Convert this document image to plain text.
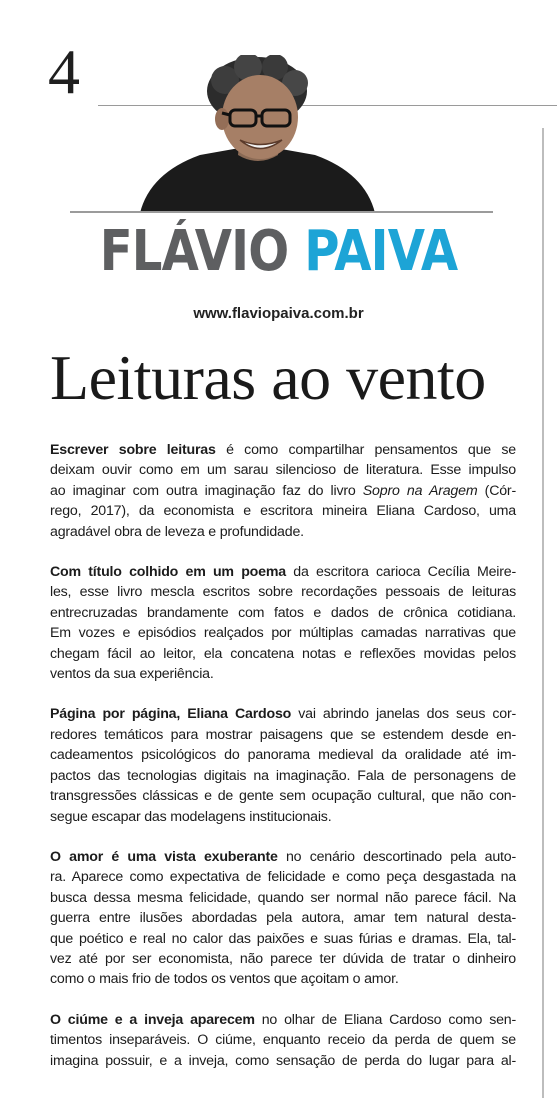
4
FLÁVIO PAIVA
www.flaviopaiva.com.br
Leituras ao vento

Escrever sobre leituras é como compartilhar pensamentos que se
deixam ouvir como em um sarau silencioso de literatura. Esse impulso
ao imaginar com outra imaginação faz do livro Sopro na Aragem (Cór-
rego, 2017), da economista e escritora mineira Eliana Cardoso, uma
agradável obra de leveza e profundidade.

Com título colhido em um poema da escritora carioca Cecília Meire-
les, esse livro mescla escritos sobre recordações pessoais de leituras
entrecruzadas brandamente com fatos e dados de crônica cotidiana.
Em vozes e episódios realçados por múltiplas camadas narrativas que
chegam fácil ao leitor, ela concatena notas e reflexões movidas pelos
ventos da sua experiência.

Página por página, Eliana Cardoso vai abrindo janelas dos seus cor-
redores temáticos para mostrar paisagens que se estendem desde en-
cadeamentos psicológicos do panorama medieval da oralidade até im-
pactos das tecnologias digitais na imaginação. Fala de personagens de
transgressões clássicas e de gente sem ocupação cultural, que não con-
segue escapar das modelagens institucionais.

O amor é uma vista exuberante no cenário descortinado pela auto-
ra. Aparece como expectativa de felicidade e como peça desgastada na
busca dessa mesma felicidade, quando ser normal não parece fácil. Na
guerra entre ilusões abordadas pela autora, amar tem natural desta-
que poético e real no calor das paixões e suas fúrias e dramas. Ela, tal-
vez até por ser economista, não parece ter dúvida de tratar o dinheiro
como o mais frio de todos os ventos que açoitam o amor.

O ciúme e a inveja aparecem no olhar de Eliana Cardoso como sen-
timentos inseparáveis. O ciúme, enquanto receio da perda de quem se
imagina possuir, e a inveja, como sensação de perda do lugar para al-
